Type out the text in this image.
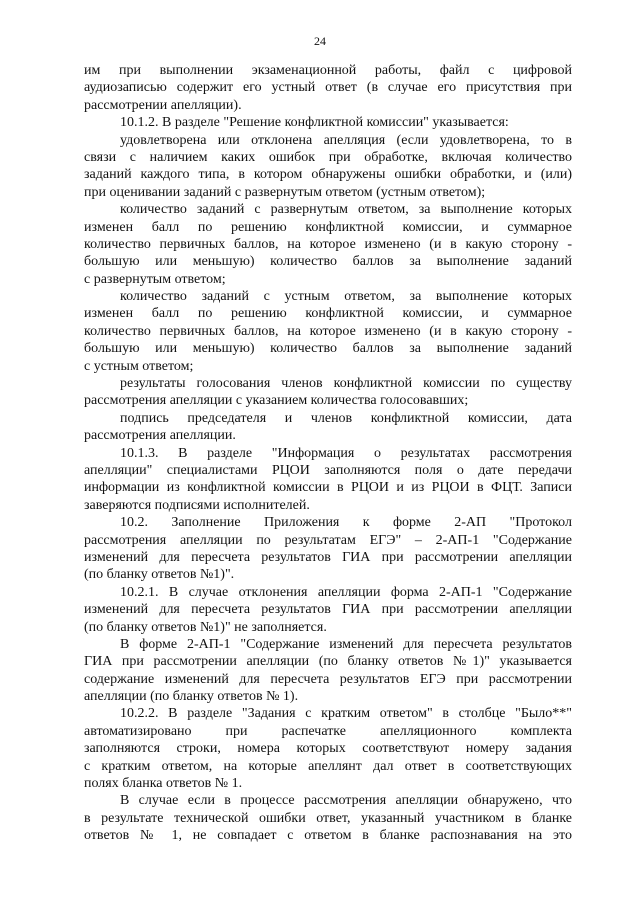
24
им при выполнении экзаменационной работы, файл с цифровой
аудиозаписью содержит его устный ответ (в случае его присутствия при
рассмотрении апелляции).
10.1.2. В разделе "Решение конфликтной комиссии" указывается:
удовлетворена или отклонена апелляция (если удовлетворена, то в
связи с наличием каких ошибок при обработке, включая количество
заданий каждого типа, в котором обнаружены ошибки обработки, и (или)
при оценивании заданий с развернутым ответом (устным ответом);
количество заданий с развернутым ответом, за выполнение которых
изменен балл по решению конфликтной комиссии, и суммарное
количество первичных баллов, на которое изменено (и в какую сторону -
большую или меньшую) количество баллов за выполнение заданий
с развернутым ответом;
количество заданий с устным ответом, за выполнение которых
изменен балл по решению конфликтной комиссии, и суммарное
количество первичных баллов, на которое изменено (и в какую сторону -
большую или меньшую) количество баллов за выполнение заданий
с устным ответом;
результаты голосования членов конфликтной комиссии по существу
рассмотрения апелляции с указанием количества голосовавших;
подпись председателя и членов конфликтной комиссии, дата
рассмотрения апелляции.
10.1.3. В разделе "Информация о результатах рассмотрения
апелляции" специалистами РЦОИ заполняются поля о дате передачи
информации из конфликтной комиссии в РЦОИ и из РЦОИ в ФЦТ. Записи
заверяются подписями исполнителей.
10.2. Заполнение Приложения к форме 2-АП "Протокол
рассмотрения апелляции по результатам ЕГЭ" – 2-АП-1 "Содержание
изменений для пересчета результатов ГИА при рассмотрении апелляции
(по бланку ответов №1)".
10.2.1. В случае отклонения апелляции форма 2-АП-1 "Содержание
изменений для пересчета результатов ГИА при рассмотрении апелляции
(по бланку ответов №1)" не заполняется.
В форме 2-АП-1 "Содержание изменений для пересчета результатов
ГИА при рассмотрении апелляции (по бланку ответов №1)" указывается
содержание изменений для пересчета результатов ЕГЭ при рассмотрении
апелляции (по бланку ответов № 1).
10.2.2. В разделе "Задания с кратким ответом" в столбце "Было**"
автоматизировано при распечатке апелляционного комплекта
заполняются строки, номера которых соответствуют номеру задания
с кратким ответом, на которые апеллянт дал ответ в соответствующих
полях бланка ответов № 1.
В случае если в процессе рассмотрения апелляции обнаружено, что
в результате технической ошибки ответ, указанный участником в бланке
ответов № 1, не совпадает с ответом в бланке распознавания на это
